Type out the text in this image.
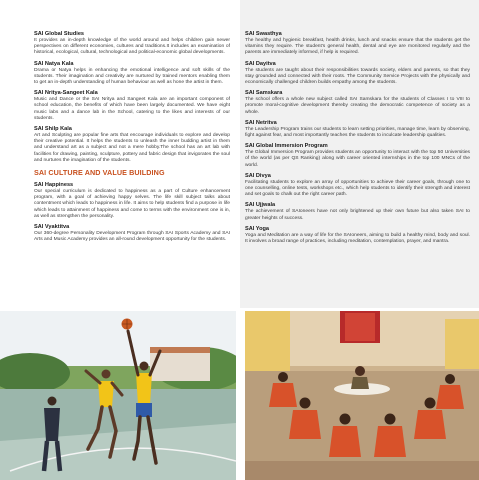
SAI Global Studies

It provides an in-depth knowledge of the world around and helps children gain newer perspectives on different economies, cultures and traditions.It includes an examination of historical, ecological, cultural, technological and political-economic global developments.

SAI Natya Kala

Drama or Natya helps in enhancing the emotional intelligence and soft skills of the students. Their imagination and creativity are nurtured by trained mentors enabling them to get an in-depth understanding of human behaviour as well as hone the artist in them.

SAI Nritya-Sangeet Kala

Music and Dance or the SAI Nritya and Sangeet Kala are an important component of school education, the benefits of which have been largely documented. We have eight music labs and a dance lab in the School, catering to the likes and interests of our students.

SAI Shilp Kala

Art and Sculpting are popular fine arts that encourage individuals to explore and develop their creative potential. It helps the students to unleash the inner budding artist in them and understand art as a subject and not a mere hobby.The school has an art lab with facilities for drawing, painting, sculpture, pottery and fabric design that invigorates the soul and nurtures the imagination of the students.

SAI CULTURE AND VALUE BUILDING
SAI Happiness

Our special curriculum is dedicated to happiness as a part of Culture enhancement program, with a goal of achieving happy selves. The life skill subject talks about contentment which leads to happiness in life. It aims to help students find a purpose in life which leads to attainment of happiness and come to terms with the environment one is in, as well as strengthen the personality.

SAI Vyaktitva

Our 360-degree Personality Development Program through SAI Sports Academy and SAI Arts and Music Academy provides an all-round development opportunity for the students.

SAI Swasthya

The healthy and hygienic breakfast, health drinks, lunch and snacks ensure that the students get the vitamins they require. The student's general health, dental and eye are monitored regularly and the parents are immediately informed, if help is required.

SAI Dayitva

The students are taught about their responsibilities towards society, elders and parents, so that they stay grounded and connected with their roots. The Community Service Projects with the physically and economically challenged children builds empathy among the students.

SAI Samskara

The school offers a whole new subject called SAI Samskara for the students of Classes I to VIII to promote moral-cognitive development thereby creating the democratic competence of society as a whole.

SAI Netritva

The Leadership Program trains our students to learn setting priorities, manage time, learn by observing, fight against fear, and most importantly teaches the students to inculcate leadership qualities.

SAI Global Immersion Program

The Global Immersion Program provides students an opportunity to interact with the top 50 Universities of the world (as per QS Ranking) along with career oriented internships in the top 100 MNCs of the world.

SAI Divya

Facilitating students to explore an array of opportunities to achieve their career goals, through one to one counselling, online tests, workshops etc., which help students to identify their strength and interest and set goals to chalk out the right career path.

SAI Ujjwala

The achievement of SAIoneers have not only brightened up their own future but also taken SAI to greater heights of success.

SAI Yoga

Yoga and Meditation are a way of life for the SAIoneers, aiming to build a healthy mind, body and soul. It involves a broad range of practices, including meditation, contemplation, prayer, and mantra.
